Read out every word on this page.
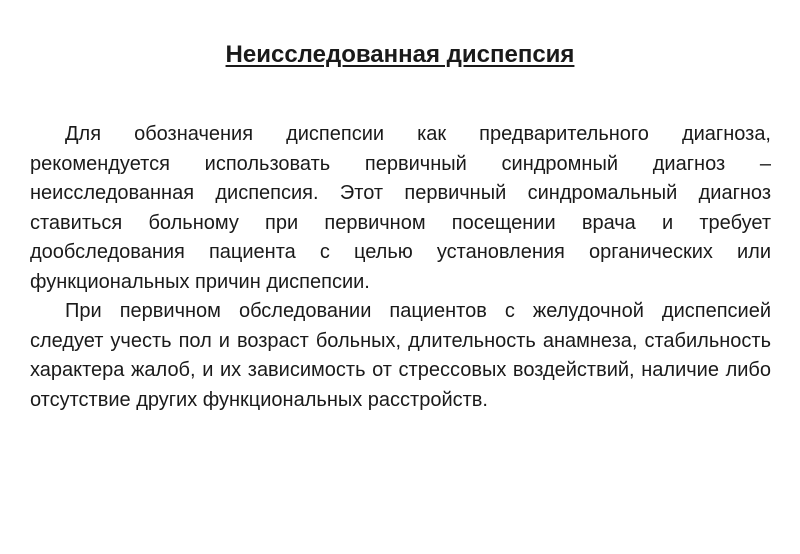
Неисследованная диспепсия

Для обозначения диспепсии как предварительного диагноза, рекомендуется использовать первичный синдромный диагноз – неисследованная диспепсия. Этот первичный синдромальный диагноз ставиться больному при первичном посещении врача и требует дообследования пациента с целью установления органических или функциональных причин диспепсии.

При первичном обследовании пациентов с желудочной диспепсией следует учесть пол и возраст больных, длительность анамнеза, стабильность характера жалоб, и их зависимость от стрессовых воздействий, наличие либо отсутствие других функциональных расстройств.
